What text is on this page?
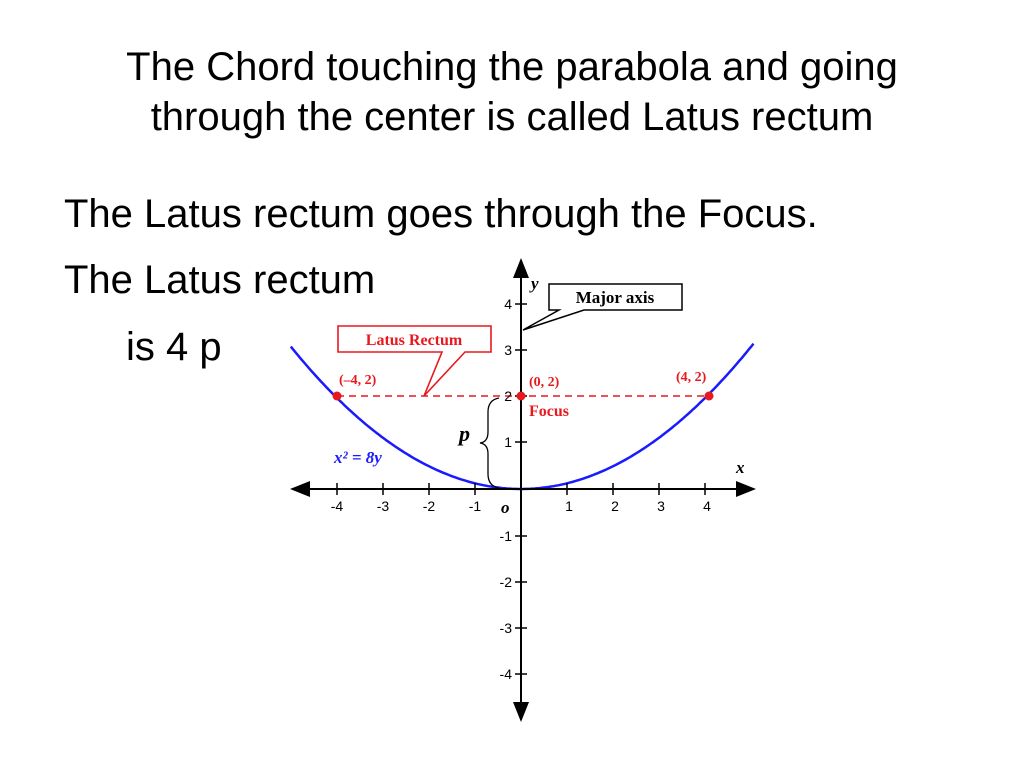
The Chord touching the parabola and going
through the center is called Latus rectum
The Latus rectum goes through the Focus.
The Latus rectum
is 4 p
-4 -3 -2 -1	1	2	3	4
4
3
2
1
-1
-2
-3
-4
x
y
o
Major axis
Latus Rectum
(–4, 2)	(0, 2)	(4, 2)
Focus
x² = 8y
p
